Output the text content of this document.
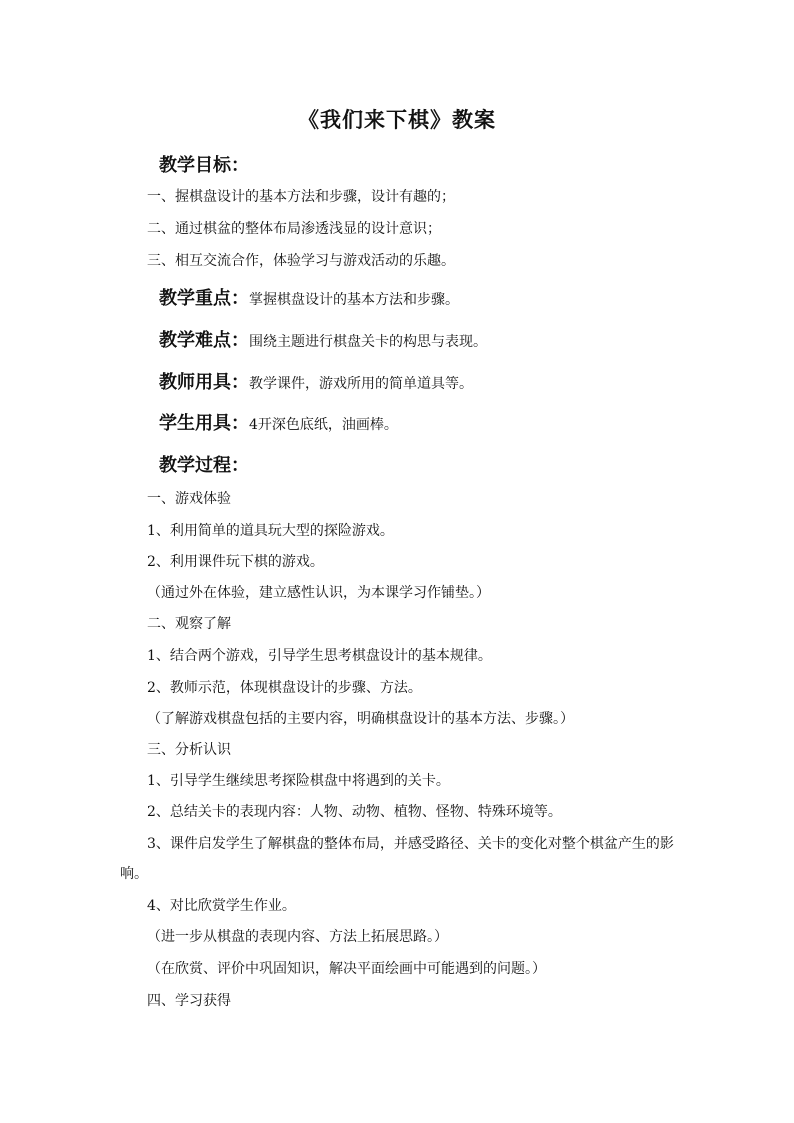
《我们来下棋》教案
教学目标：
一、握棋盘设计的基本方法和步骤，设计有趣的；
二、通过棋盆的整体布局渗透浅显的设计意识；
三、相互交流合作，体验学习与游戏活动的乐趣。
教学重点：掌握棋盘设计的基本方法和步骤。
教学难点：围绕主题进行棋盘关卡的构思与表现。
教师用具：教学课件，游戏所用的简单道具等。
学生用具：4开深色底纸，油画棒。
教学过程：
一、游戏体验
1、利用简单的道具玩大型的探险游戏。
2、利用课件玩下棋的游戏。
（通过外在体验，建立感性认识，为本课学习作铺垫。）
二、观察了解
1、结合两个游戏，引导学生思考棋盘设计的基本规律。
2、教师示范，体现棋盘设计的步骤、方法。
（了解游戏棋盘包括的主要内容，明确棋盘设计的基本方法、步骤。）
三、分析认识
1、引导学生继续思考探险棋盘中将遇到的关卡。
2、总结关卡的表现内容：人物、动物、植物、怪物、特殊环境等。
3、课件启发学生了解棋盘的整体布局，并感受路径、关卡的变化对整个棋盆产生的影
响。
4、对比欣赏学生作业。
（进一步从棋盘的表现内容、方法上拓展思路。）
（在欣赏、评价中巩固知识，解决平面绘画中可能遇到的问题。）
四、学习获得
